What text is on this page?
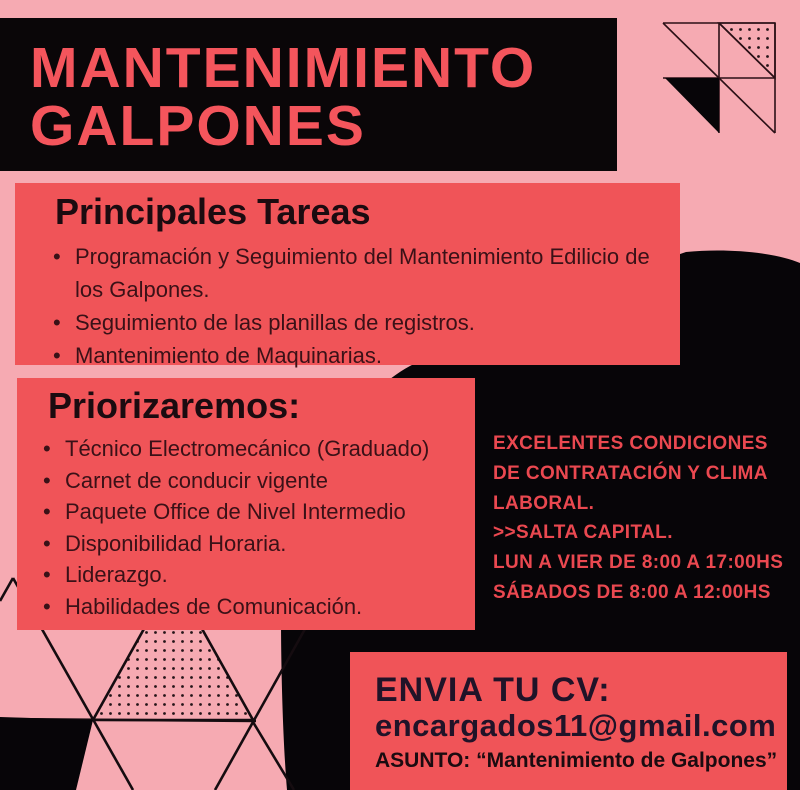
MANTENIMIENTO
GALPONES
Principales Tareas
• Programación y Seguimiento del Mantenimiento Edilicio de los Galpones.
• Seguimiento de las planillas de registros.
• Mantenimiento de Maquinarias.
Priorizaremos:
• Técnico Electromecánico (Graduado)
• Carnet de conducir vigente
• Paquete Office de Nivel Intermedio
• Disponibilidad Horaria.
• Liderazgo.
• Habilidades de Comunicación.
EXCELENTES CONDICIONES
DE CONTRATACIÓN Y CLIMA
LABORAL.
>>SALTA CAPITAL.
LUN A VIER DE 8:00 A 17:00HS
SÁBADOS DE 8:00 A 12:00HS
ENVIA TU CV:
encargados11@gmail.com
ASUNTO: “Mantenimiento de Galpones”
